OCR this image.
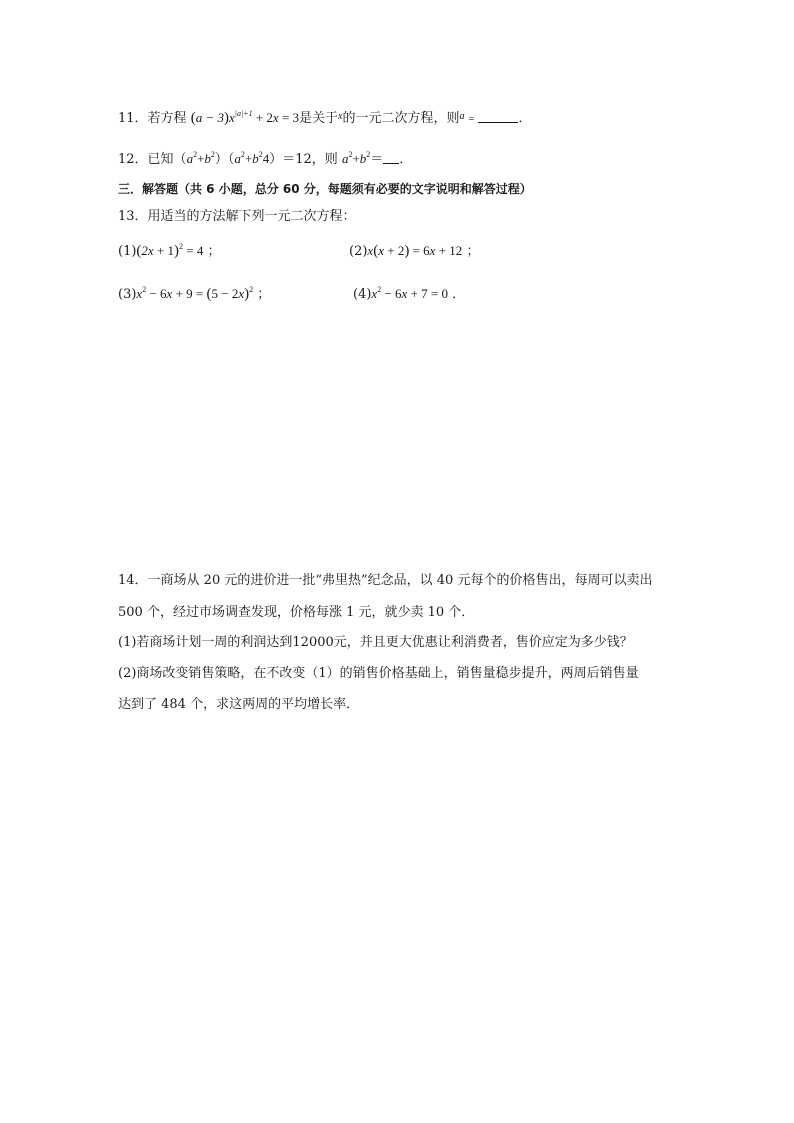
11．若方程 $(a - 3)x^{|a|+1} + 2x = 3$是关于$^x$的一元二次方程，则$^a$ =	．
12．已知$(a^2+b^2)(a^2+b^24)=12$，则 $a^2+b^2=$ ．
三．解答题（共 6 小题，总分 60 分，每题须有必要的文字说明和解答过程）
13．用适当的方法解下列一元二次方程：
$(1)(2x + 1)^2 = 4$ ；	(2)x(x + 2) = 6x + 12 ；
$(3)x^2 - 6x + 9 = (5 - 2x)^2$ ；	$(4)x^2 - 6x + 7 = 0$ ．
14．一商场从 20 元的进价进一批“弗里热”纪念品，以 40 元每个的价格售出，每周可以卖出
500 个，经过市场调查发现，价格每涨 1 元，就少卖 10 个．
(1)若商场计划一周的利润达到12000元，并且更大优惠让利消费者，售价应定为多少钱？
(2)商场改变销售策略，在不改变（1）的销售价格基础上，销售量稳步提升，两周后销售量
达到了 484 个，求这两周的平均增长率．
